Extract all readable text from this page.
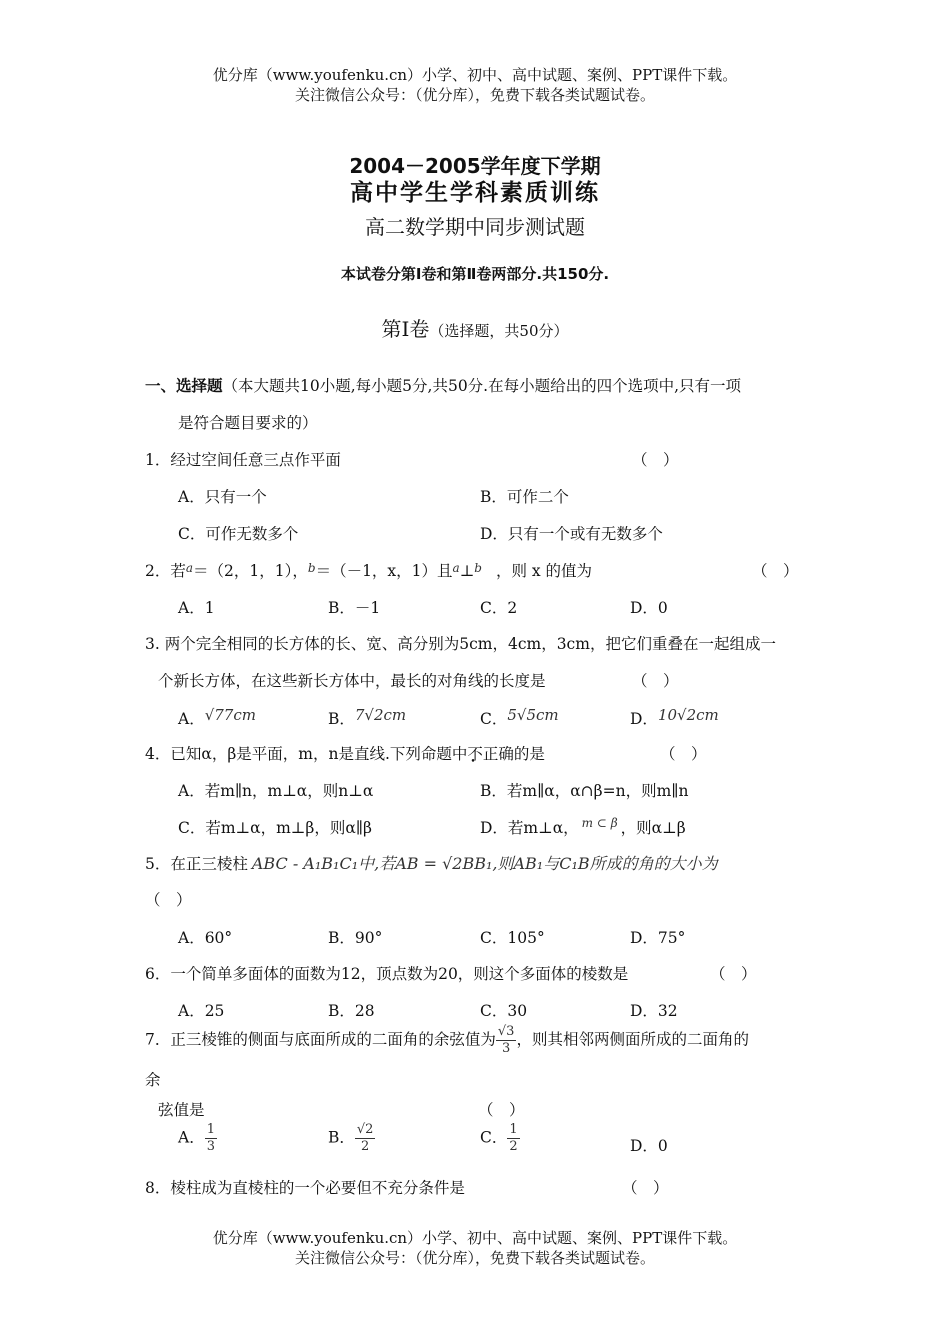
优分库（www.youfenku.cn）小学、初中、高中试题、案例、PPT课件下载。
关注微信公众号：（优分库），免费下载各类试题试卷。
2004－2005学年度下学期
高中学生学科素质训练
高二数学期中同步测试题
本试卷分第Ⅰ卷和第Ⅱ卷两部分.共150分.
第Ⅰ卷（选择题，共50分）
一、选择题（本大题共10小题,每小题5分,共50分.在每小题给出的四个选项中,只有一项
是符合题目要求的）
1．经过空间任意三点作平面	（　）
A．只有一个	B．可作二个
C．可作无数多个	D．只有一个或有无数多个
2．若$^a$＝（2，1，1），$^b$＝（－1，x，1）且$^a$⊥$^b$ ，则 x 的值为	（　）
A．1	B．－1	C．2	D．0
3. 两个完全相同的长方体的长、宽、高分别为5cm，4cm，3cm，把它们重叠在一起组成一
个新长方体，在这些新长方体中，最长的对角线的长度是	（　）
A．√77cm	B．7√2cm	C．5√5cm	D．10√2cm
4．已知α，β是平面，m，n是直线.下列命题中不正确的是	（　）
A．若m∥n，m⊥α，则n⊥α	B．若m∥α，α∩β=n，则m∥n
C．若m⊥α，m⊥β，则α∥β	D．若m⊥α， $^{m \subset \beta}$ ，则α⊥β
5．在正三棱柱 ABC - A₁B₁C₁中,若AB = √2BB₁,则AB₁与C₁B所成的角的大小为
（　）
A．60°	B．90°	C．105°	D．75°
6．一个简单多面体的面数为12，顶点数为20，则这个多面体的棱数是	（　）
A．25	B．28	C．30	D．32
7．正三棱锥的侧面与底面所成的二面角的余弦值为 $\frac{√3}{3}$ ，则其相邻两侧面所成的二面角的
余
弦值是	（　）
A． $\frac{1}{3}$	B． $\frac{√2}{2}$	C． $\frac{1}{2}$	D．0
8．棱柱成为直棱柱的一个必要但不充分条件是	（　）
优分库（www.youfenku.cn）小学、初中、高中试题、案例、PPT课件下载。
关注微信公众号：（优分库），免费下载各类试题试卷。
